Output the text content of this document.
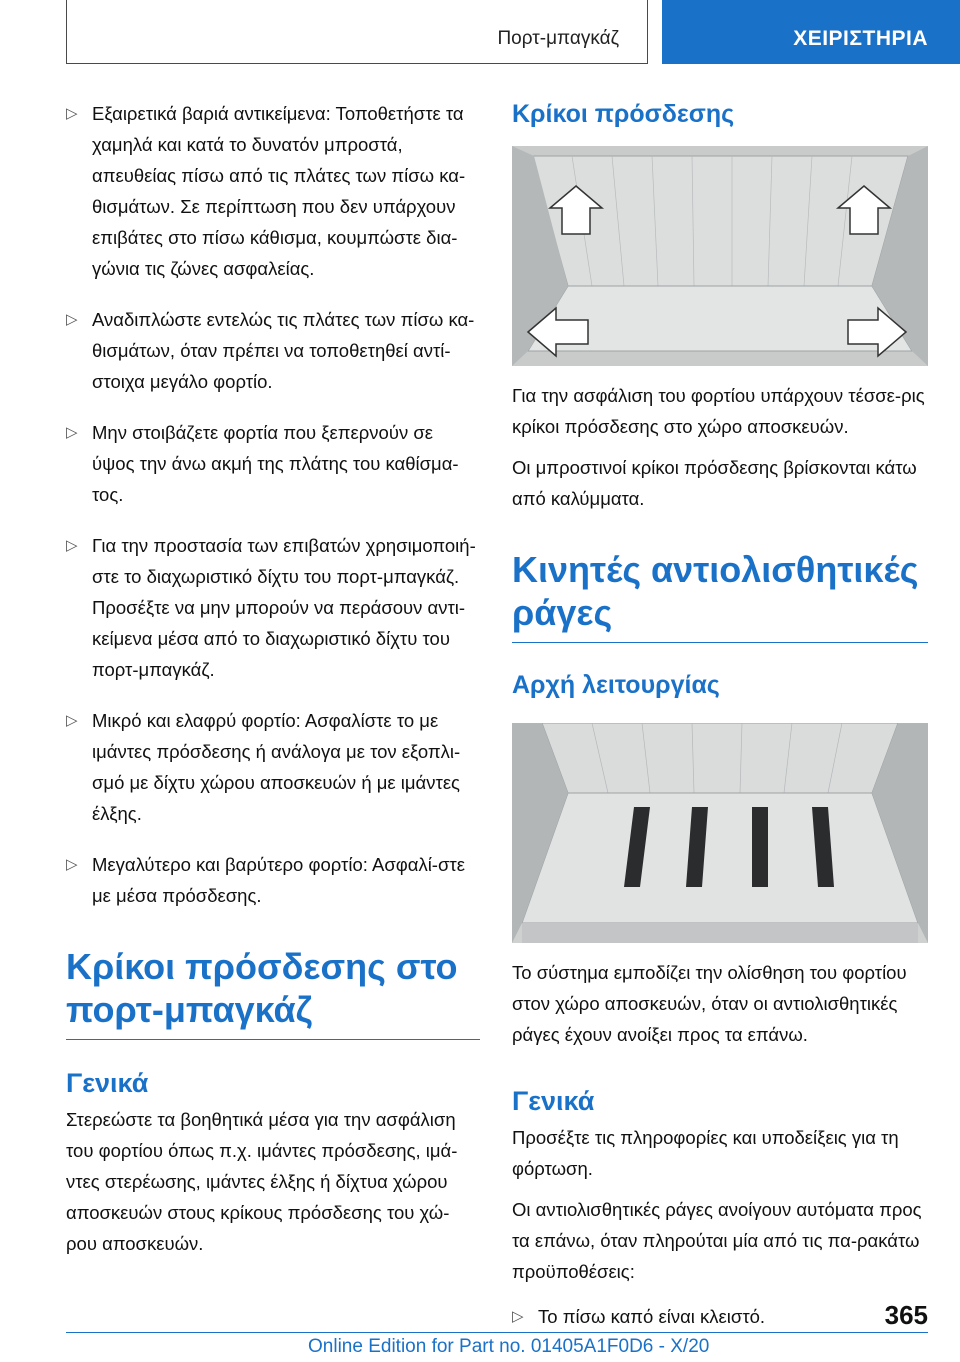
Πορτ-μπαγκάζ	ΧΕΙΡΙΣΤΗΡΙΑ
▷ Εξαιρετικά βαριά αντικείμενα: Τοποθετήστε τα χαμηλά και κατά το δυνατόν μπροστά, απευθείας πίσω από τις πλάτες των πίσω κα-θισμάτων. Σε περίπτωση που δεν υπάρχουν επιβάτες στο πίσω κάθισμα, κουμπώστε δια-γώνια τις ζώνες ασφαλείας.
▷ Αναδιπλώστε εντελώς τις πλάτες των πίσω κα-θισμάτων, όταν πρέπει να τοποθετηθεί αντί-στοιχα μεγάλο φορτίο.
▷ Μην στοιβάζετε φορτία που ξεπερνούν σε ύψος την άνω ακμή της πλάτης του καθίσμα-τος.
▷ Για την προστασία των επιβατών χρησιμοποιή-στε το διαχωριστικό δίχτυ του πορτ-μπαγκάζ. Προσέξτε να μην μπορούν να περάσουν αντι-κείμενα μέσα από το διαχωριστικό δίχτυ του πορτ-μπαγκάζ.
▷ Μικρό και ελαφρύ φορτίο: Ασφαλίστε το με ιμάντες πρόσδεσης ή ανάλογα με τον εξοπλι-σμό με δίχτυ χώρου αποσκευών ή με ιμάντες έλξης.
▷ Μεγαλύτερο και βαρύτερο φορτίο: Ασφαλί-στε με μέσα πρόσδεσης.
Κρίκοι πρόσδεσης στο πορτ-μπαγκάζ
Γενικά

Στερεώστε τα βοηθητικά μέσα για την ασφάλιση του φορτίου όπως π.χ. ιμάντες πρόσδεσης, ιμά-ντες στερέωσης, ιμάντες έλξης ή δίχτυα χώρου αποσκευών στους κρίκους πρόσδεσης του χώ-ρου αποσκευών.

Κρίκοι πρόσδεσης

Για την ασφάλιση του φορτίου υπάρχουν τέσσε-ρις κρίκοι πρόσδεσης στο χώρο αποσκευών.

Οι μπροστινοί κρίκοι πρόσδεσης βρίσκονται κάτω από καλύμματα.

Κινητές αντιολισθητικές ράγες
Αρχή λειτουργίας

Το σύστημα εμποδίζει την ολίσθηση του φορτίου στον χώρο αποσκευών, όταν οι αντιολισθητικές ράγες έχουν ανοίξει προς τα επάνω.

Γενικά

Προσέξτε τις πληροφορίες και υποδείξεις για τη φόρτωση.

Οι αντιολισθητικές ράγες ανοίγουν αυτόματα προς τα επάνω, όταν πληρούται μία από τις πα-ρακάτω προϋποθέσεις:

▷ Το πίσω καπό είναι κλειστό.	365
Online Edition for Part no. 01405A1F0D6 - X/20
